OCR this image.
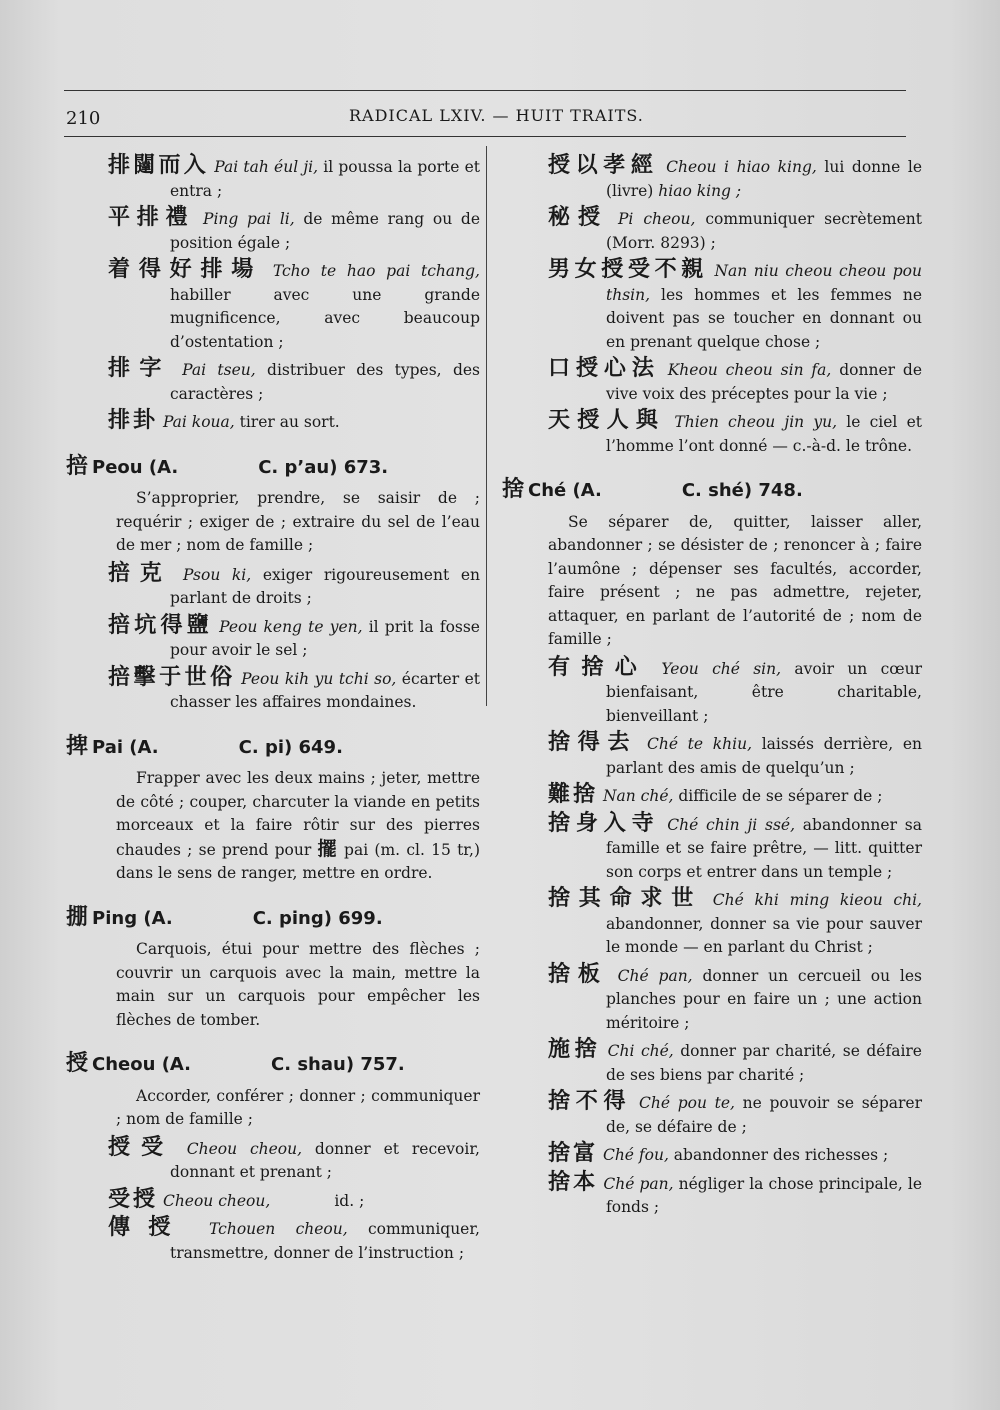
210	RADICAL LXIV. — HUIT TRAITS.

排闥而入 Pai tah éul ji, il poussa la porte et entra ;

平排禮 Ping pai li, de même rang ou de position égale ;

着得好排場 Tcho te hao pai tchang, habiller avec une grande mugnificence, avec beaucoup d’ostentation ;

排字 Pai tseu, distribuer des types, des caractères ;

排卦 Pai koua, tirer au sort.

掊 Peou (A.	C. p’au) 673.

S’approprier, prendre, se saisir de ; requérir ; exiger de ; extraire du sel de l’eau de mer ; nom de famille ;

掊克 Psou ki, exiger rigoureusement en parlant de droits ;

掊坑得鹽 Peou keng te yen, il prit la fosse pour avoir le sel ;

掊擊于世俗 Peou kih yu tchi so, écarter et chasser les affaires mondaines.

捭 Pai (A.	C. pi) 649.

Frapper avec les deux mains ; jeter, mettre de côté ; couper, charcuter la viande en petits morceaux et la faire rôtir sur des pierres chaudes ; se prend pour 擺 pai (m. cl. 15 tr,) dans le sens de ranger, mettre en ordre.

掤 Ping (A.	C. ping) 699.

Carquois, étui pour mettre des flèches ; couvrir un carquois avec la main, mettre la main sur un carquois pour empêcher les flèches de tomber.

授 Cheou (A.	C. shau) 757.

Accorder, conférer ; donner ; communiquer ; nom de famille ;

授受 Cheou cheou, donner et recevoir, donnant et prenant ;

受授 Cheou cheou,             id. ;

傳授 Tchouen cheou, communiquer, transmettre, donner de l’instruction ;

授以孝經 Cheou i hiao king, lui donne le (livre) hiao king ;

秘授 Pi cheou, communiquer secrètement (Morr. 8293) ;

男女授受不親 Nan niu cheou cheou pou thsin, les hommes et les femmes ne doivent pas se toucher en donnant ou en prenant quelque chose ;

口授心法 Kheou cheou sin fa, donner de vive voix des préceptes pour la vie ;

天授人與 Thien cheou jin yu, le ciel et l’homme l’ont donné — c.-à-d. le trône.

捨 Ché (A.	C. shé) 748.

Se séparer de, quitter, laisser aller, abandonner ; se désister de ; renoncer à ; faire l’aumône ; dépenser ses facultés, accorder, faire présent ; ne pas admettre, rejeter, attaquer, en parlant de l’autorité de ; nom de famille ;

有捨心 Yeou ché sin, avoir un cœur bienfaisant, être charitable, bienveillant ;

捨得去 Ché te khiu, laissés derrière, en parlant des amis de quelqu’un ;

難捨 Nan ché, difficile de se séparer de ;

捨身入寺 Ché chin ji ssé, abandonner sa famille et se faire prêtre, — litt. quitter son corps et entrer dans un temple ;

捨其命求世 Ché khi ming kieou chi, abandonner, donner sa vie pour sauver le monde — en parlant du Christ ;

捨板 Ché pan, donner un cercueil ou les planches pour en faire un ; une action méritoire ;

施捨 Chi ché, donner par charité, se défaire de ses biens par charité ;

捨不得 Ché pou te, ne pouvoir se séparer de, se défaire de ;

捨富 Ché fou, abandonner des richesses ;

捨本 Ché pan, négliger la chose principale, le fonds ;
